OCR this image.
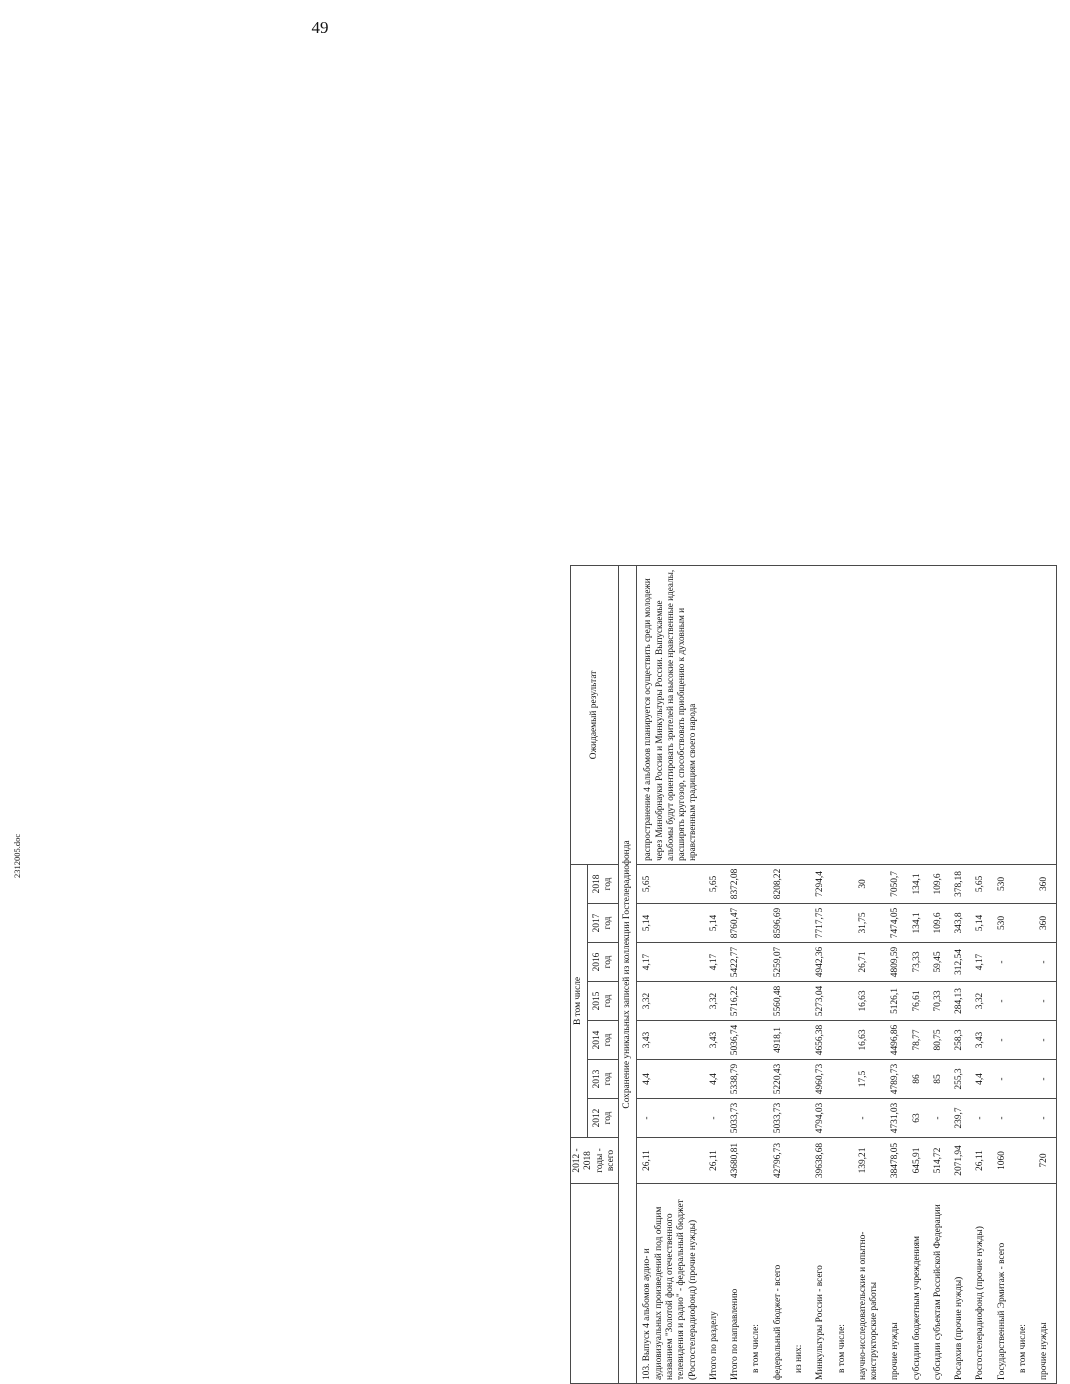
49
	2012 - 2018 годы - всего	В том числе							Ожидаемый результат
		2012 год	2013 год	2014 год	2015 год	2016 год	2017 год	2018 год	
Сохранение уникальных записей из коллекции Гостелерадиофонда									
103. Выпуск 4 альбомов аудио- и аудиовизуальных произведений под общим названием "Золотой фонд отечественного телевидения и радио" - федеральный бюджет (Росгостелерадиофонд) (прочие нужды)	26,11	-	4,4	3,43	3,32	4,17	5,14	5,65	распространение 4 альбомов планируется осуществить среди молодежи через Минобрнауки России и Минкультуры России. Выпускаемые альбомы будут ориентировать зрителей на высокие нравственные идеалы, расширять кругозор, способствовать приобщению к духовным и нравственным традициям своего народа
Итого по разделу	26,11	-	4,4	3,43	3,32	4,17	5,14	5,65	
Итого по направлению	43680,81	5033,73	5338,79	5036,74	5716,22	5422,77	8760,47	8372,08	
в том числе:									
федеральный бюджет - всего	42796,73	5033,73	5220,43	4918,1	5560,48	5259,07	8596,69	8208,22	
из них:									
Минкультуры России - всего	39638,68	4794,03	4960,73	4656,38	5273,04	4942,36	7717,75	7294,4	
в том числе:									
научно-исследовательские и опытно-конструкторские работы	139,21	-	17,5	16,63	16,63	26,71	31,75	30	
прочие нужды	38478,05	4731,03	4789,73	4496,86	5126,1	4809,59	7474,05	7050,7	
субсидии бюджетным учреждениям	645,91	63	86	78,77	76,61	73,33	134,1	134,1	
субсидии субъектам Российской Федерации	514,72	-	85	80,75	70,33	59,45	109,6	109,6	
Росархив (прочие нужды)	2071,94	239,7	255,3	258,3	284,13	312,54	343,8	378,18	
Росгостелерадиофонд (прочие нужды)	26,11	-	4,4	3,43	3,32	4,17	5,14	5,65	
Государственный Эрмитаж - всего	1060	-	-	-	-	-	530	530	
в том числе:									
прочие нужды	720	-	-	-	-	-	360	360	
2312005.doc
